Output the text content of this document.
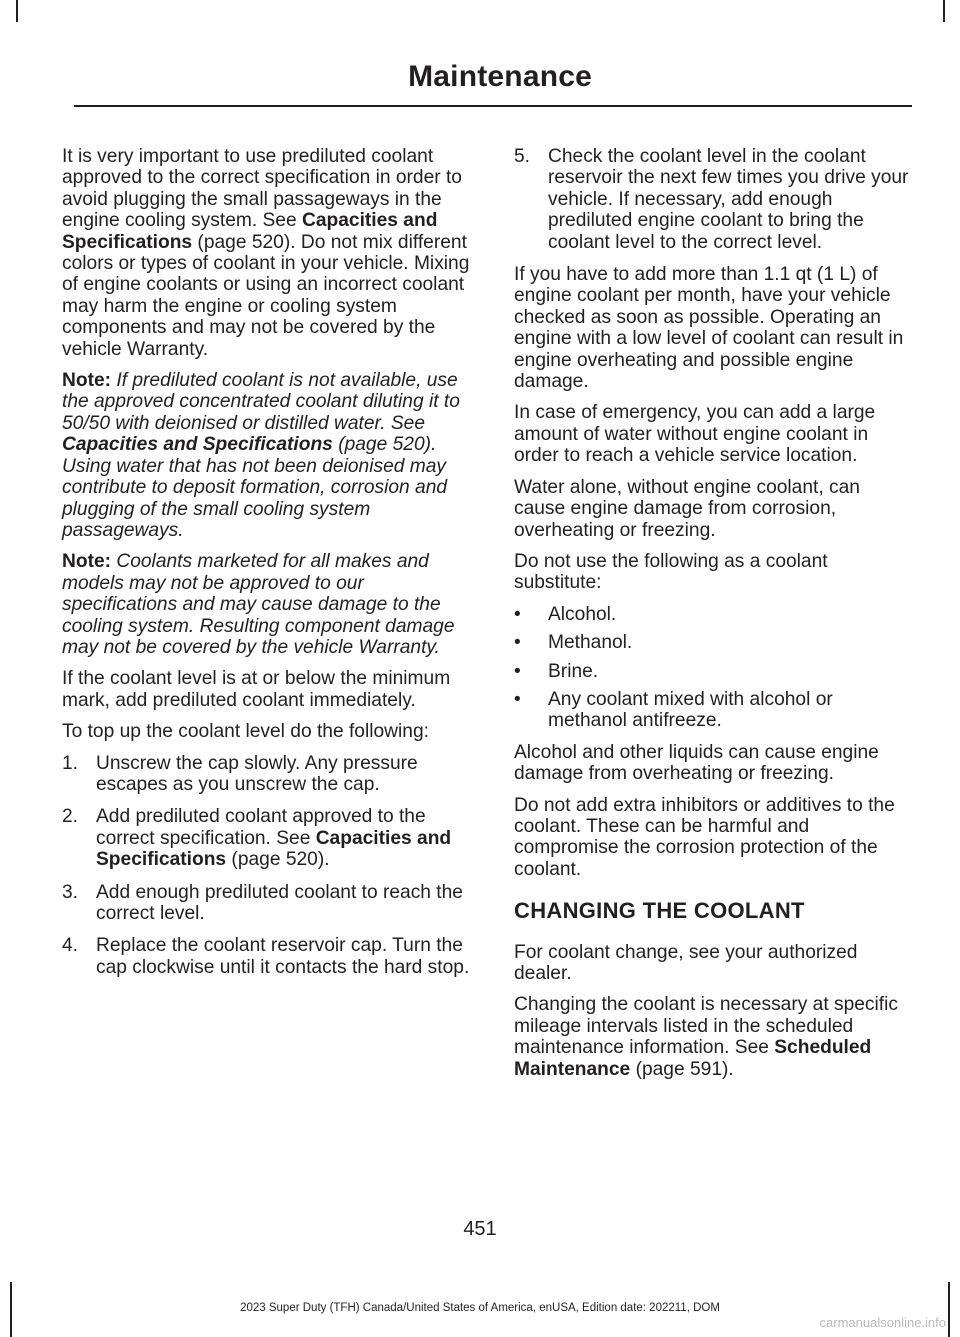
Maintenance

It is very important to use prediluted coolant approved to the correct specification in order to avoid plugging the small passageways in the engine cooling system. See Capacities and Specifications (page 520). Do not mix different colors or types of coolant in your vehicle. Mixing of engine coolants or using an incorrect coolant may harm the engine or cooling system components and may not be covered by the vehicle Warranty.

Note: If prediluted coolant is not available, use the approved concentrated coolant diluting it to 50/50 with deionised or distilled water. See Capacities and Specifications (page 520). Using water that has not been deionised may contribute to deposit formation, corrosion and plugging of the small cooling system passageways.

Note: Coolants marketed for all makes and models may not be approved to our specifications and may cause damage to the cooling system. Resulting component damage may not be covered by the vehicle Warranty.

If the coolant level is at or below the minimum mark, add prediluted coolant immediately.

To top up the coolant level do the following:

1. Unscrew the cap slowly. Any pressure escapes as you unscrew the cap.
2. Add prediluted coolant approved to the correct specification. See Capacities and Specifications (page 520).
3. Add enough prediluted coolant to reach the correct level.
4. Replace the coolant reservoir cap. Turn the cap clockwise until it contacts the hard stop.
5. Check the coolant level in the coolant reservoir the next few times you drive your vehicle. If necessary, add enough prediluted engine coolant to bring the coolant level to the correct level.

If you have to add more than 1.1 qt (1 L) of engine coolant per month, have your vehicle checked as soon as possible. Operating an engine with a low level of coolant can result in engine overheating and possible engine damage.

In case of emergency, you can add a large amount of water without engine coolant in order to reach a vehicle service location.

Water alone, without engine coolant, can cause engine damage from corrosion, overheating or freezing.

Do not use the following as a coolant substitute:

•	Alcohol.
•	Methanol.
•	Brine.
•	Any coolant mixed with alcohol or methanol antifreeze.

Alcohol and other liquids can cause engine damage from overheating or freezing.

Do not add extra inhibitors or additives to the coolant. These can be harmful and compromise the corrosion protection of the coolant.

CHANGING THE COOLANT

For coolant change, see your authorized dealer.

Changing the coolant is necessary at specific mileage intervals listed in the scheduled maintenance information. See Scheduled Maintenance (page 591).

451
2023 Super Duty (TFH) Canada/United States of America, enUSA, Edition date: 202211, DOM
carmanualsonline.info
